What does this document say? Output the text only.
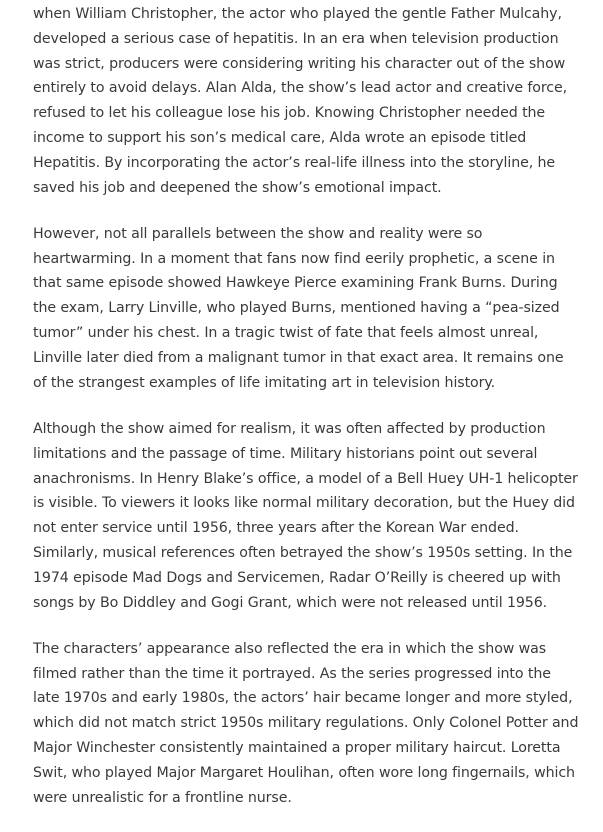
when William Christopher, the actor who played the gentle Father Mulcahy, developed a serious case of hepatitis. In an era when television production was strict, producers were considering writing his character out of the show entirely to avoid delays. Alan Alda, the show’s lead actor and creative force, refused to let his colleague lose his job. Knowing Christopher needed the income to support his son’s medical care, Alda wrote an episode titled Hepatitis. By incorporating the actor’s real-life illness into the storyline, he saved his job and deepened the show’s emotional impact.

However, not all parallels between the show and reality were so heartwarming. In a moment that fans now find eerily prophetic, a scene in that same episode showed Hawkeye Pierce examining Frank Burns. During the exam, Larry Linville, who played Burns, mentioned having a “pea-sized tumor” under his chest. In a tragic twist of fate that feels almost unreal, Linville later died from a malignant tumor in that exact area. It remains one of the strangest examples of life imitating art in television history.

Although the show aimed for realism, it was often affected by production limitations and the passage of time. Military historians point out several anachronisms. In Henry Blake’s office, a model of a Bell Huey UH-1 helicopter is visible. To viewers it looks like normal military decoration, but the Huey did not enter service until 1956, three years after the Korean War ended. Similarly, musical references often betrayed the show’s 1950s setting. In the 1974 episode Mad Dogs and Servicemen, Radar O’Reilly is cheered up with songs by Bo Diddley and Gogi Grant, which were not released until 1956.

The characters’ appearance also reflected the era in which the show was filmed rather than the time it portrayed. As the series progressed into the late 1970s and early 1980s, the actors’ hair became longer and more styled, which did not match strict 1950s military regulations. Only Colonel Potter and Major Winchester consistently maintained a proper military haircut. Loretta Swit, who played Major Margaret Houlihan, often wore long fingernails, which were unrealistic for a frontline nurse.
